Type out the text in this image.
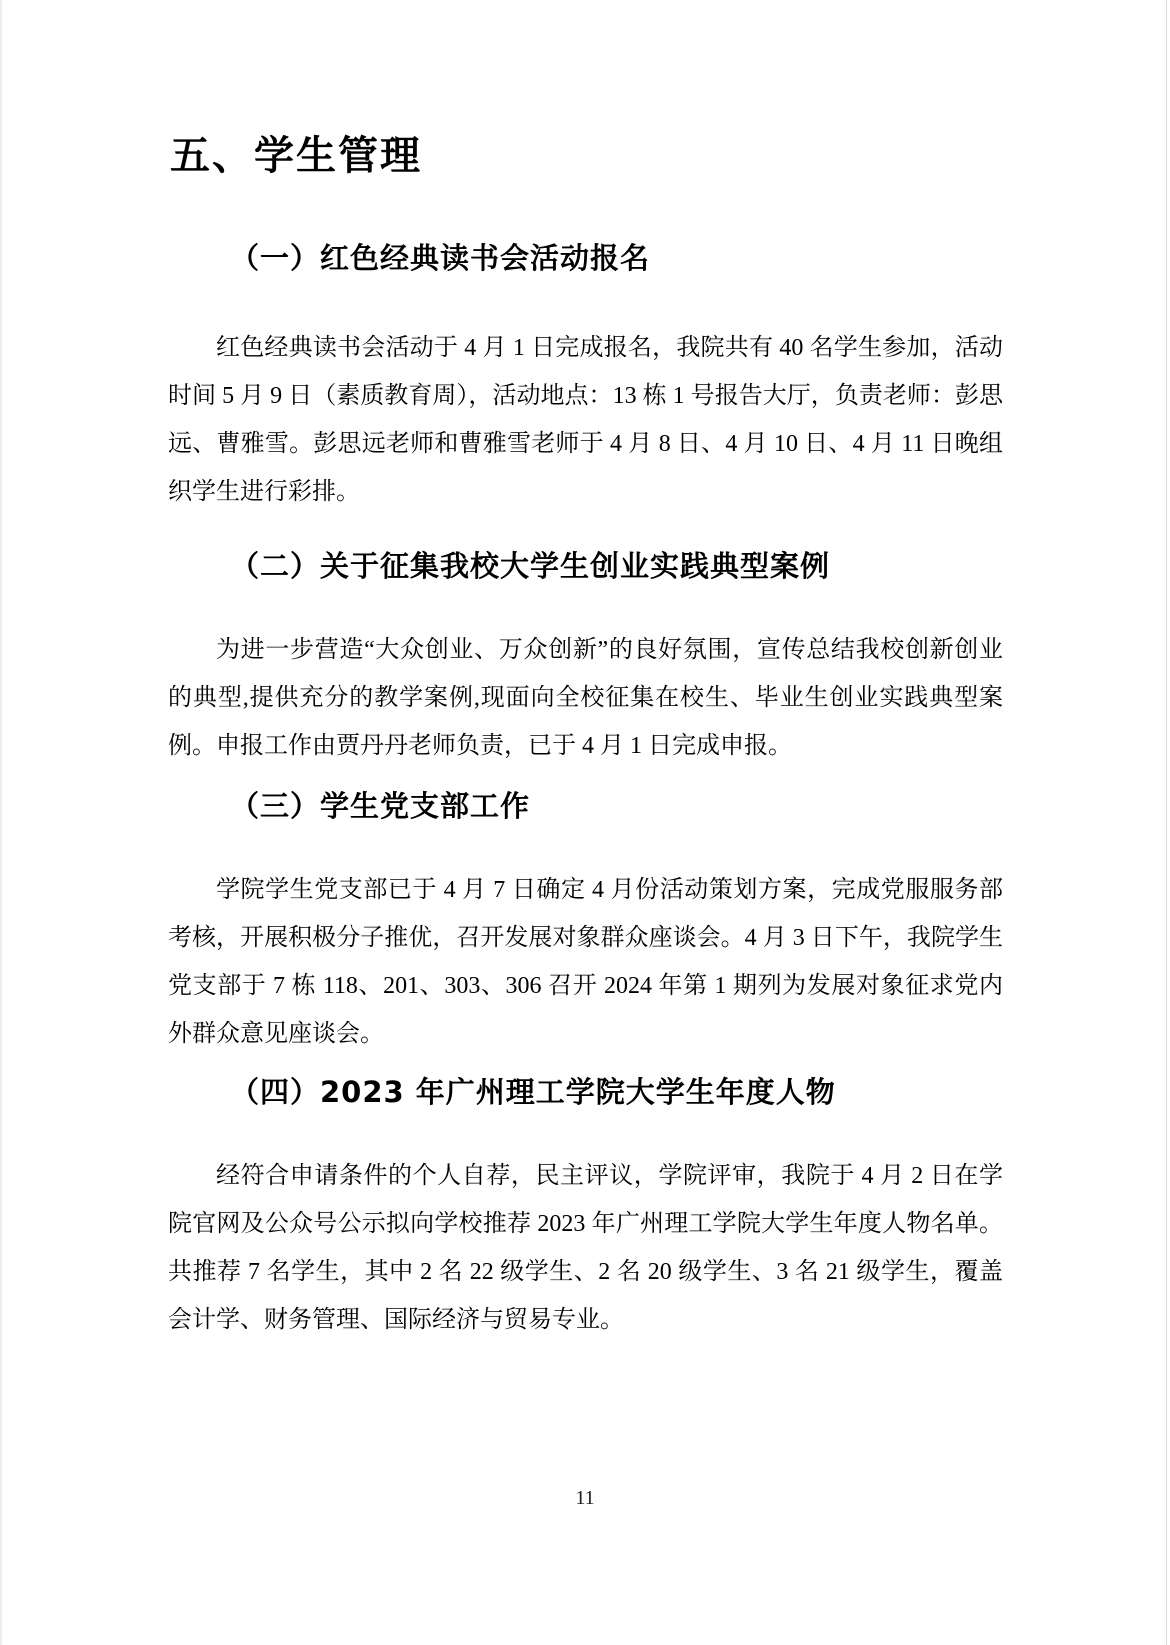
五、学生管理
（一）红色经典读书会活动报名

红色经典读书会活动于 4 月 1 日完成报名，我院共有 40 名学生参加，活动时间 5 月 9 日（素质教育周），活动地点：13 栋 1 号报告大厅，负责老师：彭思远、曹雅雪。彭思远老师和曹雅雪老师于 4 月 8 日、4 月 10 日、4 月 11 日晚组织学生进行彩排。

（二）关于征集我校大学生创业实践典型案例

为进一步营造“大众创业、万众创新”的良好氛围，宣传总结我校创新创业的典型,提供充分的教学案例,现面向全校征集在校生、毕业生创业实践典型案例。申报工作由贾丹丹老师负责，已于 4 月 1 日完成申报。

（三）学生党支部工作

学院学生党支部已于 4 月 7 日确定 4 月份活动策划方案，完成党服服务部考核，开展积极分子推优，召开发展对象群众座谈会。4 月 3 日下午，我院学生党支部于 7 栋 118、201、303、306 召开 2024 年第 1 期列为发展对象征求党内外群众意见座谈会。

（四）2023 年广州理工学院大学生年度人物

经符合申请条件的个人自荐，民主评议，学院评审，我院于 4 月 2 日在学院官网及公众号公示拟向学校推荐 2023 年广州理工学院大学生年度人物名单。共推荐 7 名学生，其中 2 名 22 级学生、2 名 20 级学生、3 名 21 级学生，覆盖会计学、财务管理、国际经济与贸易专业。

11
